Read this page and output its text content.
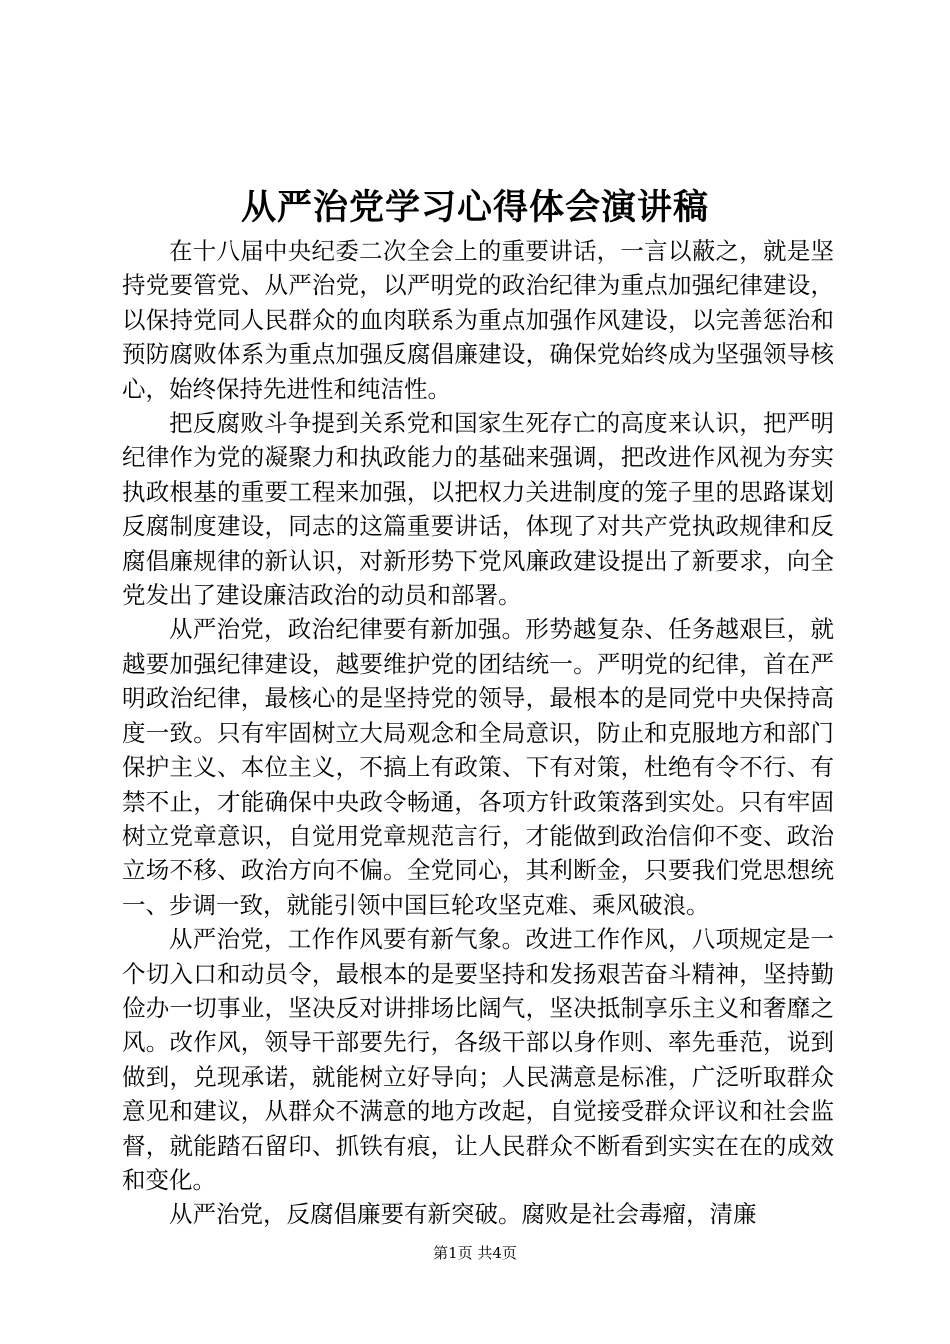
从严治党学习心得体会演讲稿

在十八届中央纪委二次全会上的重要讲话，一言以蔽之，就是坚持党要管党、从严治党，以严明党的政治纪律为重点加强纪律建设，以保持党同人民群众的血肉联系为重点加强作风建设，以完善惩治和预防腐败体系为重点加强反腐倡廉建设，确保党始终成为坚强领导核心，始终保持先进性和纯洁性。

把反腐败斗争提到关系党和国家生死存亡的高度来认识，把严明纪律作为党的凝聚力和执政能力的基础来强调，把改进作风视为夯实执政根基的重要工程来加强，以把权力关进制度的笼子里的思路谋划反腐制度建设，同志的这篇重要讲话，体现了对共产党执政规律和反腐倡廉规律的新认识，对新形势下党风廉政建设提出了新要求，向全党发出了建设廉洁政治的动员和部署。

从严治党，政治纪律要有新加强。形势越复杂、任务越艰巨，就越要加强纪律建设，越要维护党的团结统一。严明党的纪律，首在严明政治纪律，最核心的是坚持党的领导，最根本的是同党中央保持高度一致。只有牢固树立大局观念和全局意识，防止和克服地方和部门保护主义、本位主义，不搞上有政策、下有对策，杜绝有令不行、有禁不止，才能确保中央政令畅通，各项方针政策落到实处。只有牢固树立党章意识，自觉用党章规范言行，才能做到政治信仰不变、政治立场不移、政治方向不偏。全党同心，其利断金，只要我们党思想统一、步调一致，就能引领中国巨轮攻坚克难、乘风破浪。

从严治党，工作作风要有新气象。改进工作作风，八项规定是一个切入口和动员令，最根本的是要坚持和发扬艰苦奋斗精神，坚持勤俭办一切事业，坚决反对讲排场比阔气，坚决抵制享乐主义和奢靡之风。改作风，领导干部要先行，各级干部以身作则、率先垂范，说到做到，兑现承诺，就能树立好导向；人民满意是标准，广泛听取群众意见和建议，从群众不满意的地方改起，自觉接受群众评议和社会监督，就能踏石留印、抓铁有痕，让人民群众不断看到实实在在的成效和变化。

从严治党，反腐倡廉要有新突破。腐败是社会毒瘤，清廉

第1页 共4页
